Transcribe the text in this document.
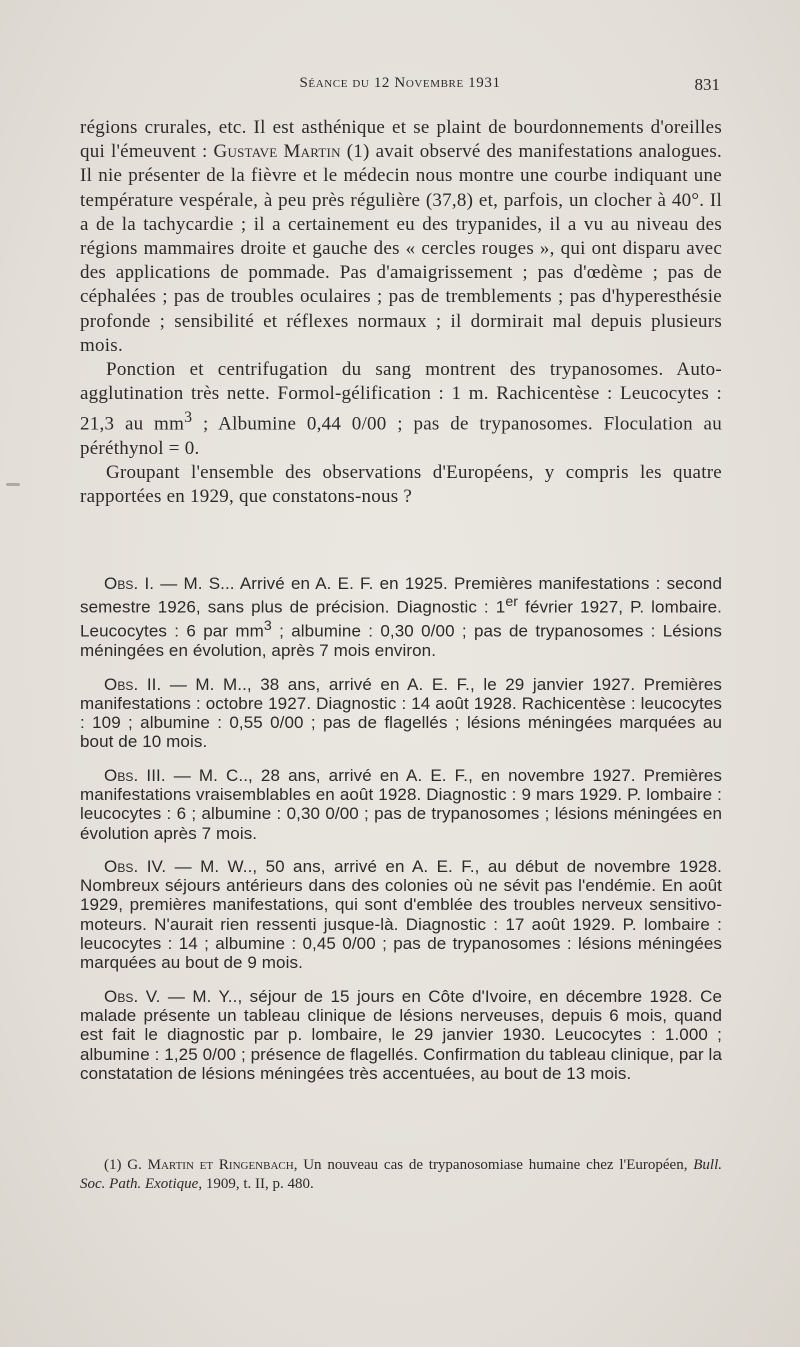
Séance du 12 Novembre 1931	831

régions crurales, etc. Il est asthénique et se plaint de bourdonnements d'oreilles qui l'émeuvent : Gustave Martin (1) avait observé des manifestations analogues. Il nie présenter de la fièvre et le médecin nous montre une courbe indiquant une température vespérale, à peu près régulière (37,8) et, parfois, un clocher à 40°. Il a de la tachycardie ; il a certainement eu des trypanides, il a vu au niveau des régions mammaires droite et gauche des « cercles rouges », qui ont disparu avec des applications de pommade. Pas d'amaigrissement ; pas d'œdème ; pas de céphalées ; pas de troubles oculaires ; pas de tremblements ; pas d'hyperesthésie profonde ; sensibilité et réflexes normaux ; il dormirait mal depuis plusieurs mois.

Ponction et centrifugation du sang montrent des trypanosomes. Auto-agglutination très nette. Formol-gélification : 1 m. Rachicentèse : Leucocytes : 21,3 au $mm^3$ ; Albumine 0,44 0/00 ; pas de trypanosomes. Floculation au péréthynol = 0.

Groupant l'ensemble des observations d'Européens, y compris les quatre rapportées en 1929, que constatons-nous ?

Obs. I. — M. S... Arrivé en A. E. F. en 1925. Premières manifestations : second semestre 1926, sans plus de précision. Diagnostic : 1er février 1927, P. lombaire. Leucocytes : 6 par $mm^3$ ; albumine : 0,30 0/00 ; pas de trypanosomes : Lésions méningées en évolution, après 7 mois environ.

Obs. II. — M. M.., 38 ans, arrivé en A. E. F., le 29 janvier 1927. Premières manifestations : octobre 1927. Diagnostic : 14 août 1928. Rachicentèse : leucocytes : 109 ; albumine : 0,55 0/00 ; pas de flagellés ; lésions méningées marquées au bout de 10 mois.

Obs. III. — M. C.., 28 ans, arrivé en A. E. F., en novembre 1927. Premières manifestations vraisemblables en août 1928. Diagnostic : 9 mars 1929. P. lombaire : leucocytes : 6 ; albumine : 0,30 0/00 ; pas de trypanosomes ; lésions méningées en évolution après 7 mois.

Obs. IV. — M. W.., 50 ans, arrivé en A. E. F., au début de novembre 1928. Nombreux séjours antérieurs dans des colonies où ne sévit pas l'endémie. En août 1929, premières manifestations, qui sont d'emblée des troubles nerveux sensitivo-moteurs. N'aurait rien ressenti jusque-là. Diagnostic : 17 août 1929. P. lombaire : leucocytes : 14 ; albumine : 0,45 0/00 ; pas de trypanosomes : lésions méningées marquées au bout de 9 mois.

Obs. V. — M. Y.., séjour de 15 jours en Côte d'Ivoire, en décembre 1928. Ce malade présente un tableau clinique de lésions nerveuses, depuis 6 mois, quand est fait le diagnostic par p. lombaire, le 29 janvier 1930. Leucocytes : 1.000 ; albumine : 1,25 0/00 ; présence de flagellés. Confirmation du tableau clinique, par la constatation de lésions méningées très accentuées, au bout de 13 mois.

(1) G. Martin et Ringenbach, Un nouveau cas de trypanosomiase humaine chez l'Européen, Bull. Soc. Path. Exotique, 1909, t. II, p. 480.
